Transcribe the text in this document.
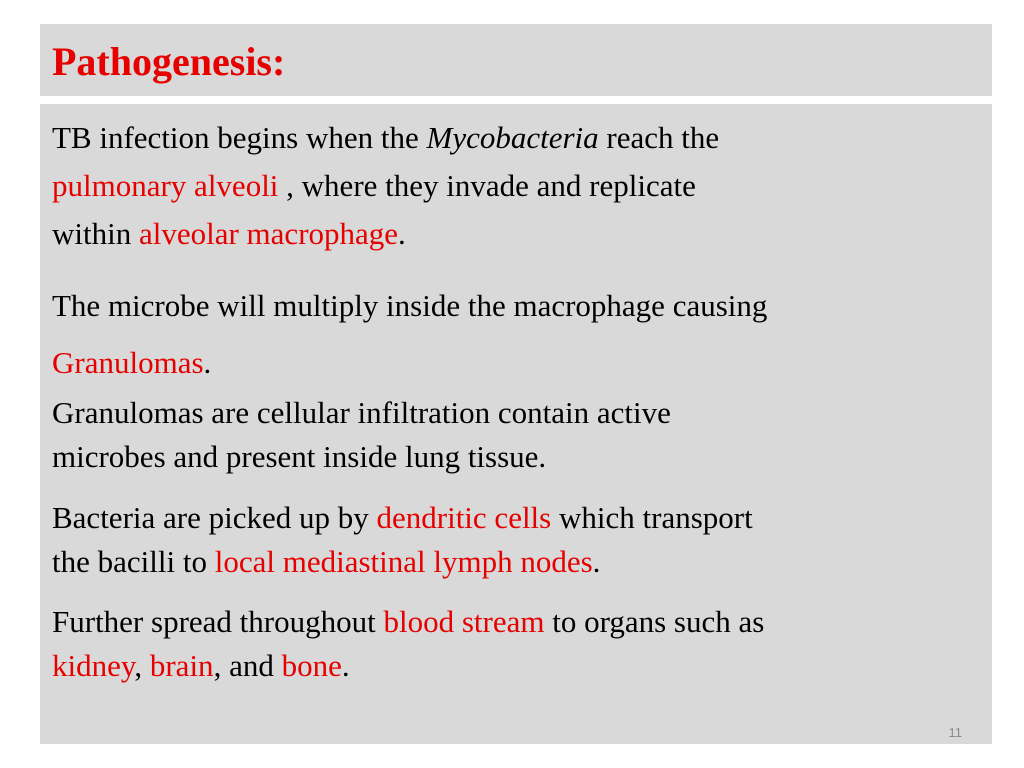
Pathogenesis:

TB infection begins when the Mycobacteria reach the
pulmonary alveoli , where they invade and replicate
within alveolar macrophage.

The microbe will multiply inside the macrophage causing
Granulomas.

Granulomas are cellular infiltration contain active
microbes and present inside lung tissue.

Bacteria are picked up by dendritic cells which transport
the bacilli to local mediastinal lymph nodes.

Further spread throughout blood stream to organs such as
kidney, brain, and bone.

11
